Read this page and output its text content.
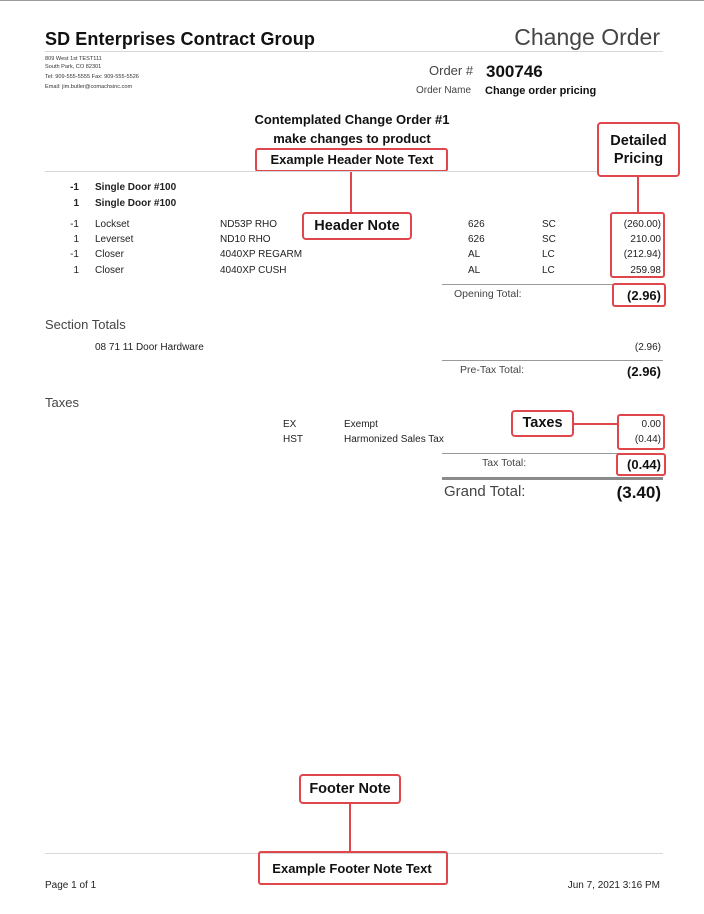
SD Enterprises Contract Group
809 West 1st TEST111
South Park, CO 82301
Tel: 909-555-5555 Fax: 909-555-5526
Email: jim.butler@comachsinc.com
Change Order
Order # 300746
Order Name Change order pricing
Contemplated Change Order #1
make changes to product
Example Header Note Text
-1 Single Door #100
1 Single Door #100
-1 Lockset	ND53P RHO	626	SC	(260.00)
1 Leverset	ND10 RHO	626	SC	210.00
-1 Closer	4040XP REGARM	AL	LC	(212.94)
1 Closer	4040XP CUSH	AL	LC	259.98
Opening Total:	(2.96)
Section Totals
08 71 11 Door Hardware	(2.96)
Pre-Tax Total:	(2.96)
Taxes
EX	Exempt	0.00
HST	Harmonized Sales Tax	(0.44)
Tax Total:	(0.44)
Grand Total:	(3.40)
Detailed
Pricing
Header Note
Taxes
Footer Note
Example Footer Note Text
Page 1 of 1	Jun 7, 2021 3:16 PM
